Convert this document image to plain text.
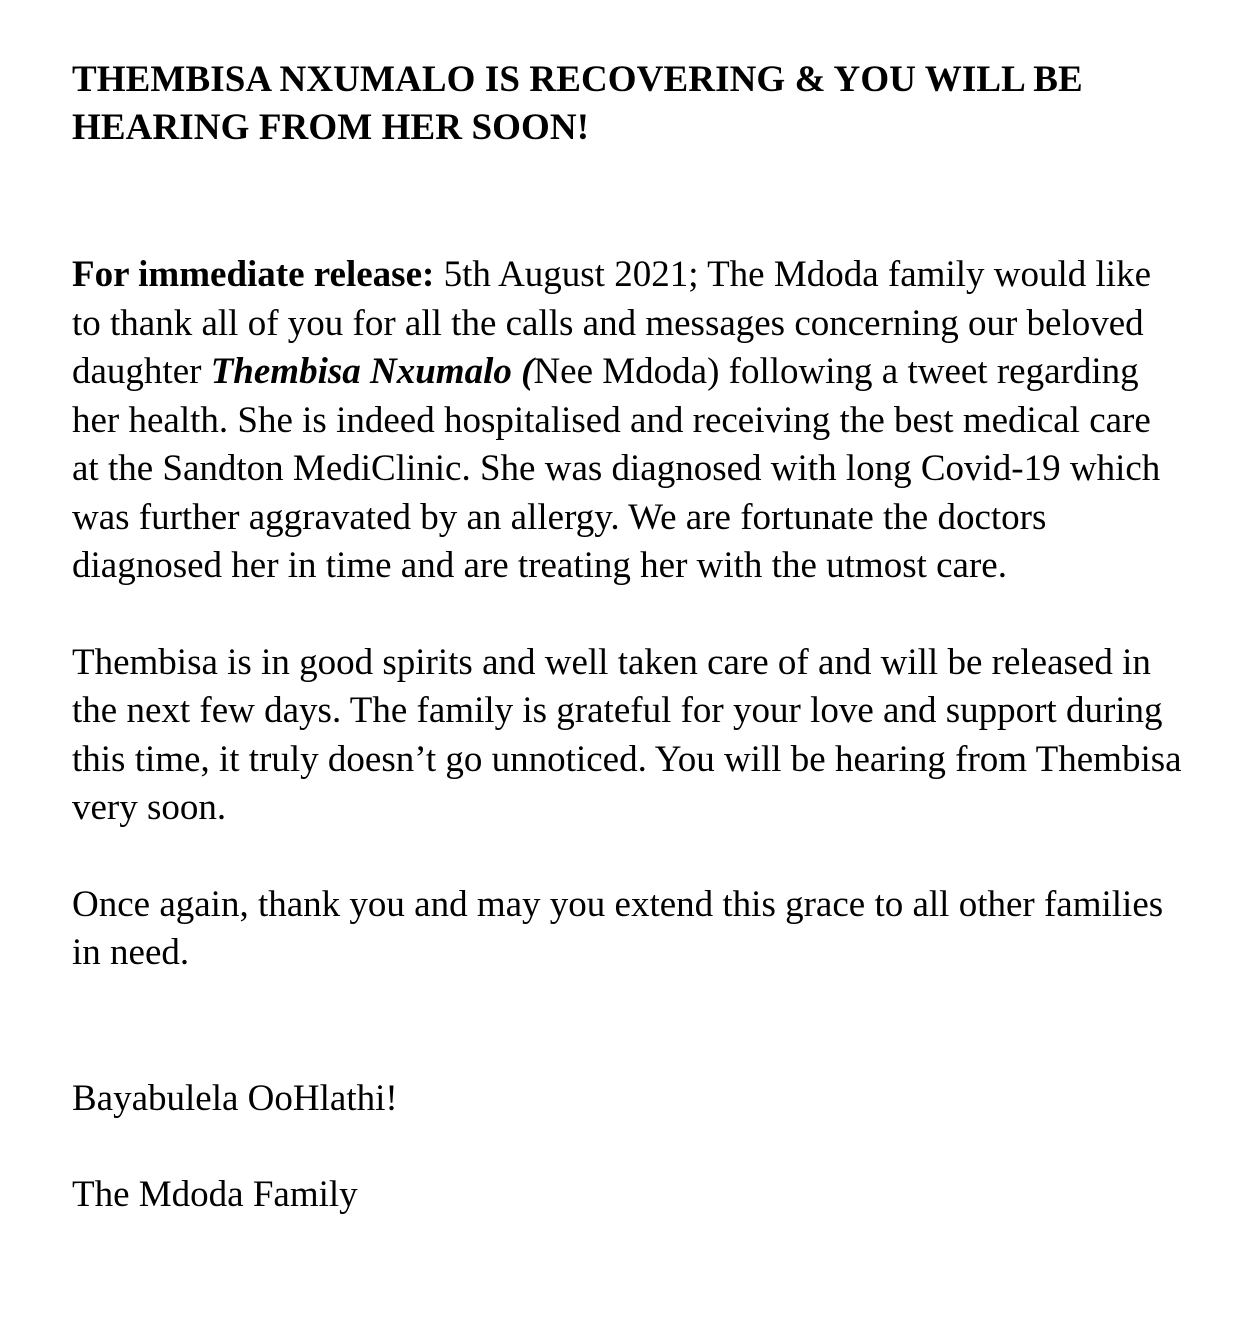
THEMBISA NXUMALO IS RECOVERING & YOU WILL BE HEARING FROM HER SOON!

For immediate release: 5th August 2021; The Mdoda family would like to thank all of you for all the calls and messages concerning our beloved daughter Thembisa Nxumalo (Nee Mdoda) following a tweet regarding her health. She is indeed hospitalised and receiving the best medical care at the Sandton MediClinic. She was diagnosed with long Covid-19 which was further aggravated by an allergy. We are fortunate the doctors diagnosed her in time and are treating her with the utmost care.

Thembisa is in good spirits and well taken care of and will be released in the next few days. The family is grateful for your love and support during this time, it truly doesn’t go unnoticed. You will be hearing from Thembisa very soon.

Once again, thank you and may you extend this grace to all other families in need.

Bayabulela OoHlathi!

The Mdoda Family
